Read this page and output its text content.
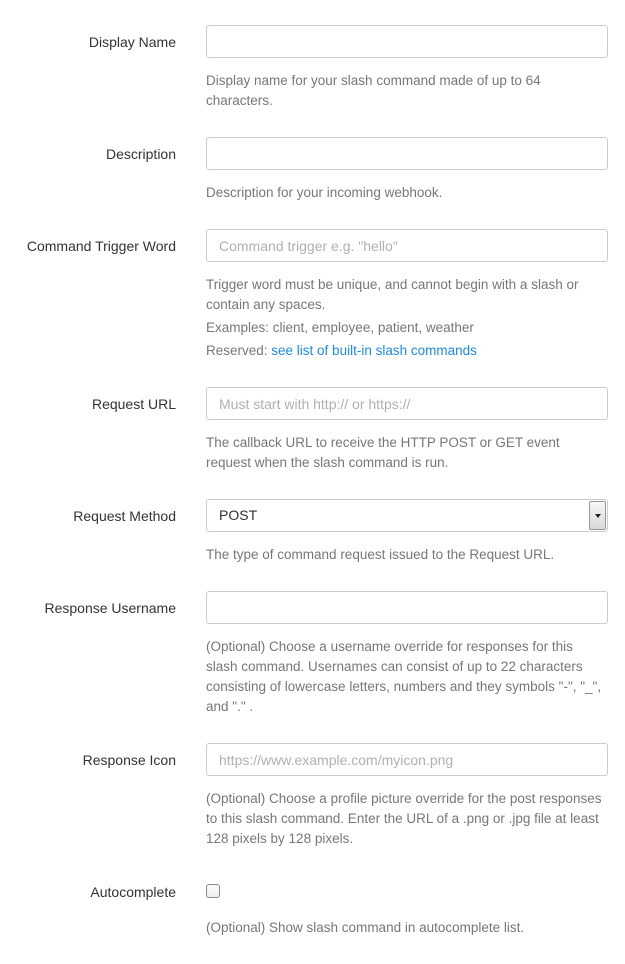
Display Name
Display name for your slash command made of up to 64 characters.
Description
Description for your incoming webhook.
Command Trigger Word
Command trigger e.g. "hello"

Trigger word must be unique, and cannot begin with a slash or contain any spaces.

Examples: client, employee, patient, weather

Reserved: see list of built-in slash commands

Request URL
Must start with http:// or https://
The callback URL to receive the HTTP POST or GET event request when the slash command is run.
Request Method	POST
The type of command request issued to the Request URL.
Response Username
(Optional) Choose a username override for responses for this slash command. Usernames can consist of up to 22 characters consisting of lowercase letters, numbers and they symbols "-", "_", and "." .
Response Icon
https://www.example.com/myicon.png
(Optional) Choose a profile picture override for the post responses to this slash command. Enter the URL of a .png or .jpg file at least 128 pixels by 128 pixels.
Autocomplete
(Optional) Show slash command in autocomplete list.
